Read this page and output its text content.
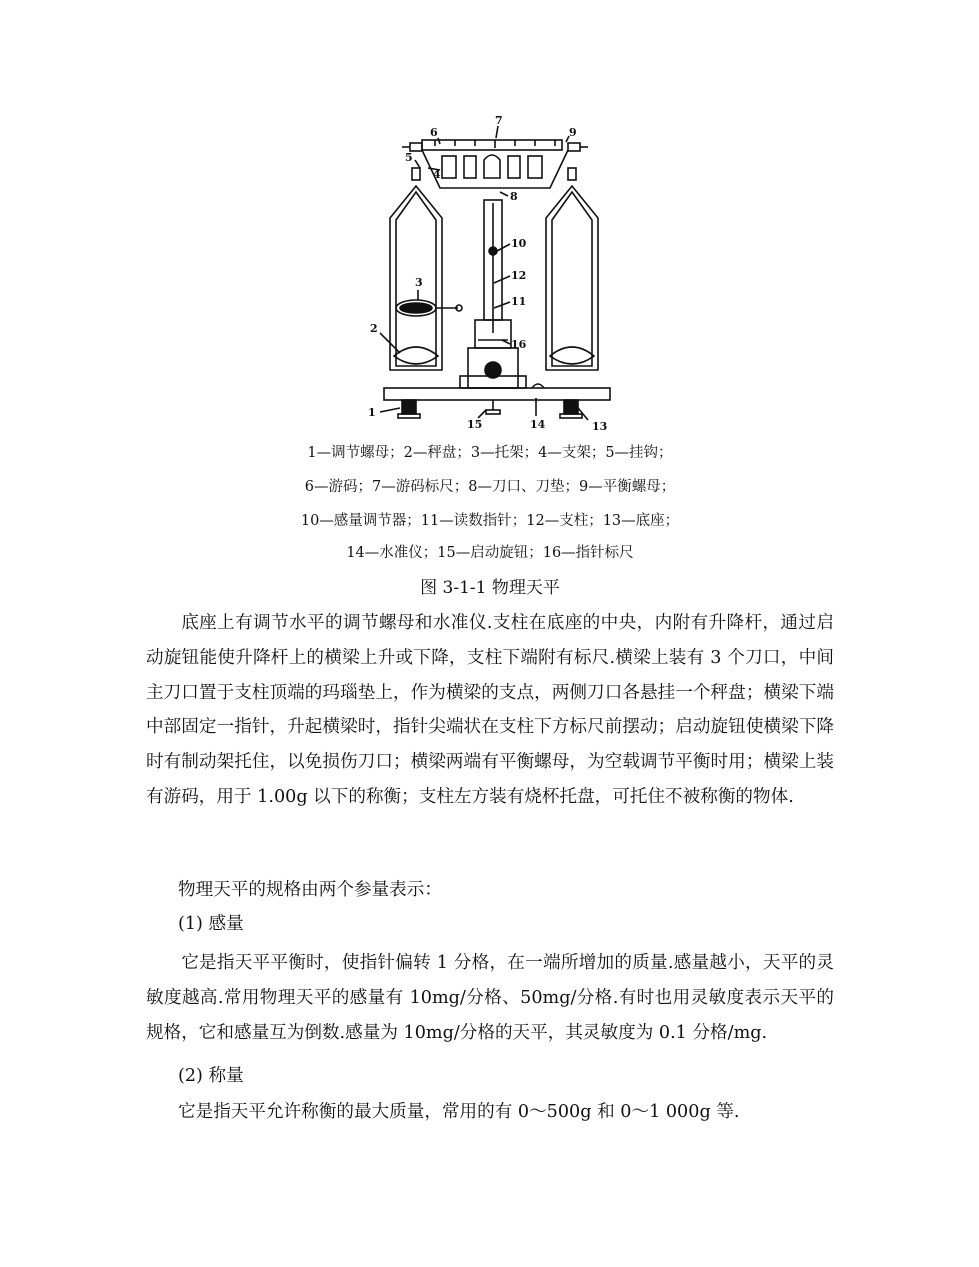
1
2
3
4
5
6
7
8
9
10
11
12
13
14
15
16
1—调节螺母；2—秤盘；3—托架；4—支架；5—挂钩；
6—游码；7—游码标尺；8—刀口、刀垫；9—平衡螺母；
10—感量调节器；11—读数指针；12—支柱；13—底座；
14—水准仪；15—启动旋钮；16—指针标尺
图 3-1-1 物理天平

底座上有调节水平的调节螺母和水准仪.支柱在底座的中央，内附有升降杆，通过启动旋钮能使升降杆上的横梁上升或下降，支柱下端附有标尺.横梁上装有 3 个刀口，中间主刀口置于支柱顶端的玛瑙垫上，作为横梁的支点，两侧刀口各悬挂一个秤盘；横梁下端中部固定一指针，升起横梁时，指针尖端状在支柱下方标尺前摆动；启动旋钮使横梁下降时有制动架托住，以免损伤刀口；横梁两端有平衡螺母，为空载调节平衡时用；横梁上装有游码，用于 1.00g 以下的称衡；支柱左方装有烧杯托盘，可托住不被称衡的物体.

物理天平的规格由两个参量表示：
(1) 感量

它是指天平平衡时，使指针偏转 1 分格，在一端所增加的质量.感量越小，天平的灵敏度越高.常用物理天平的感量有 10mg/分格、50mg/分格.有时也用灵敏度表示天平的规格，它和感量互为倒数.感量为 10mg/分格的天平，其灵敏度为 0.1 分格/mg.

(2) 称量
它是指天平允许称衡的最大质量，常用的有 0～500g 和 0～1 000g 等.
